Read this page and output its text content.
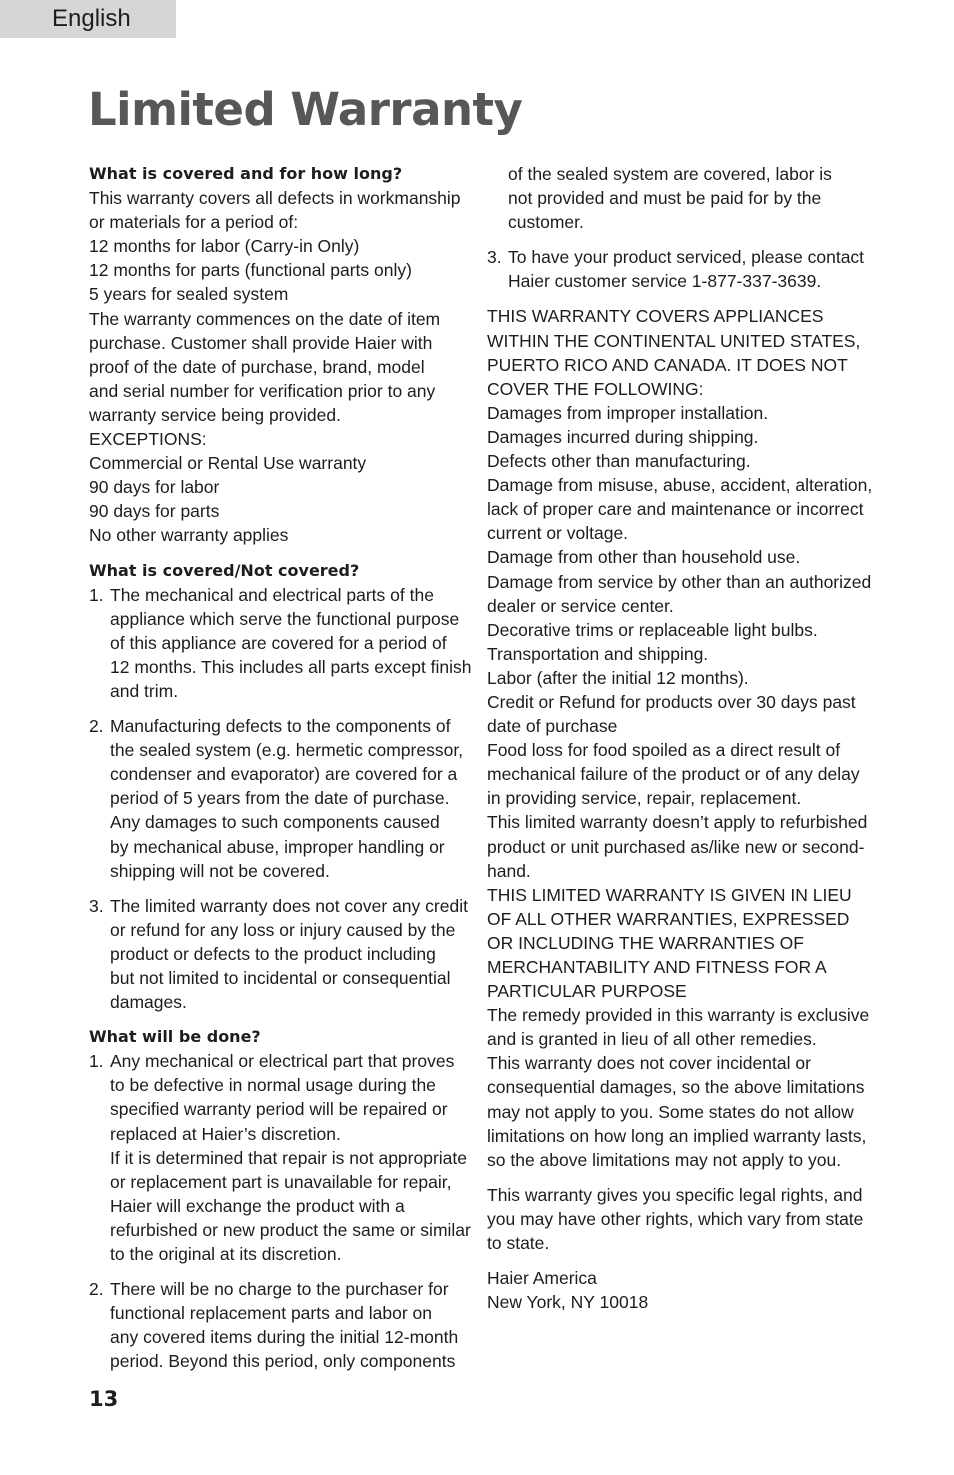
English
Limited Warranty
What is covered and for how long?
This warranty covers all defects in workmanship
or materials for a period of:
12 months for labor (Carry-in Only)
12 months for parts (functional parts only)
5 years for sealed system
The warranty commences on the date of item
purchase. Customer shall provide Haier with
proof of the date of purchase, brand, model
and serial number for verification prior to any
warranty service being provided.
EXCEPTIONS:
Commercial or Rental Use warranty
90 days for labor
90 days for parts
No other warranty applies
What is covered/Not covered?
1. The mechanical and electrical parts of the
appliance which serve the functional purpose
of this appliance are covered for a period of
12 months. This includes all parts except finish
and trim.
2. Manufacturing defects to the components of
the sealed system (e.g. hermetic compressor,
condenser and evaporator) are covered for a
period of 5 years from the date of purchase.
Any damages to such components caused
by mechanical abuse, improper handling or
shipping will not be covered.
3. The limited warranty does not cover any credit
or refund for any loss or injury caused by the
product or defects to the product including
but not limited to incidental or consequential
damages.
What will be done?
1. Any mechanical or electrical part that proves
to be defective in normal usage during the
specified warranty period will be repaired or
replaced at Haier’s discretion.
If it is determined that repair is not appropriate
or replacement part is unavailable for repair,
Haier will exchange the product with a
refurbished or new product the same or similar
to the original at its discretion.
2. There will be no charge to the purchaser for
functional replacement parts and labor on
any covered items during the initial 12-month
period. Beyond this period, only components
of the sealed system are covered, labor is
not provided and must be paid for by the
customer.
3. To have your product serviced, please contact
Haier customer service 1-877-337-3639.
THIS WARRANTY COVERS APPLIANCES
WITHIN THE CONTINENTAL UNITED STATES,
PUERTO RICO AND CANADA. IT DOES NOT
COVER THE FOLLOWING:
Damages from improper installation.
Damages incurred during shipping.
Defects other than manufacturing.
Damage from misuse, abuse, accident, alteration,
lack of proper care and maintenance or incorrect
current or voltage.
Damage from other than household use.
Damage from service by other than an authorized
dealer or service center.
Decorative trims or replaceable light bulbs.
Transportation and shipping.
Labor (after the initial 12 months).
Credit or Refund for products over 30 days past
date of purchase
Food loss for food spoiled as a direct result of
mechanical failure of the product or of any delay
in providing service, repair, replacement.
This limited warranty doesn’t apply to refurbished
product or unit purchased as/like new or second-
hand.
THIS LIMITED WARRANTY IS GIVEN IN LIEU
OF ALL OTHER WARRANTIES, EXPRESSED
OR INCLUDING THE WARRANTIES OF
MERCHANTABILITY AND FITNESS FOR A
PARTICULAR PURPOSE
The remedy provided in this warranty is exclusive
and is granted in lieu of all other remedies.
This warranty does not cover incidental or
consequential damages, so the above limitations
may not apply to you. Some states do not allow
limitations on how long an implied warranty lasts,
so the above limitations may not apply to you.
This warranty gives you specific legal rights, and
you may have other rights, which vary from state
to state.
Haier America
New York, NY 10018
13
